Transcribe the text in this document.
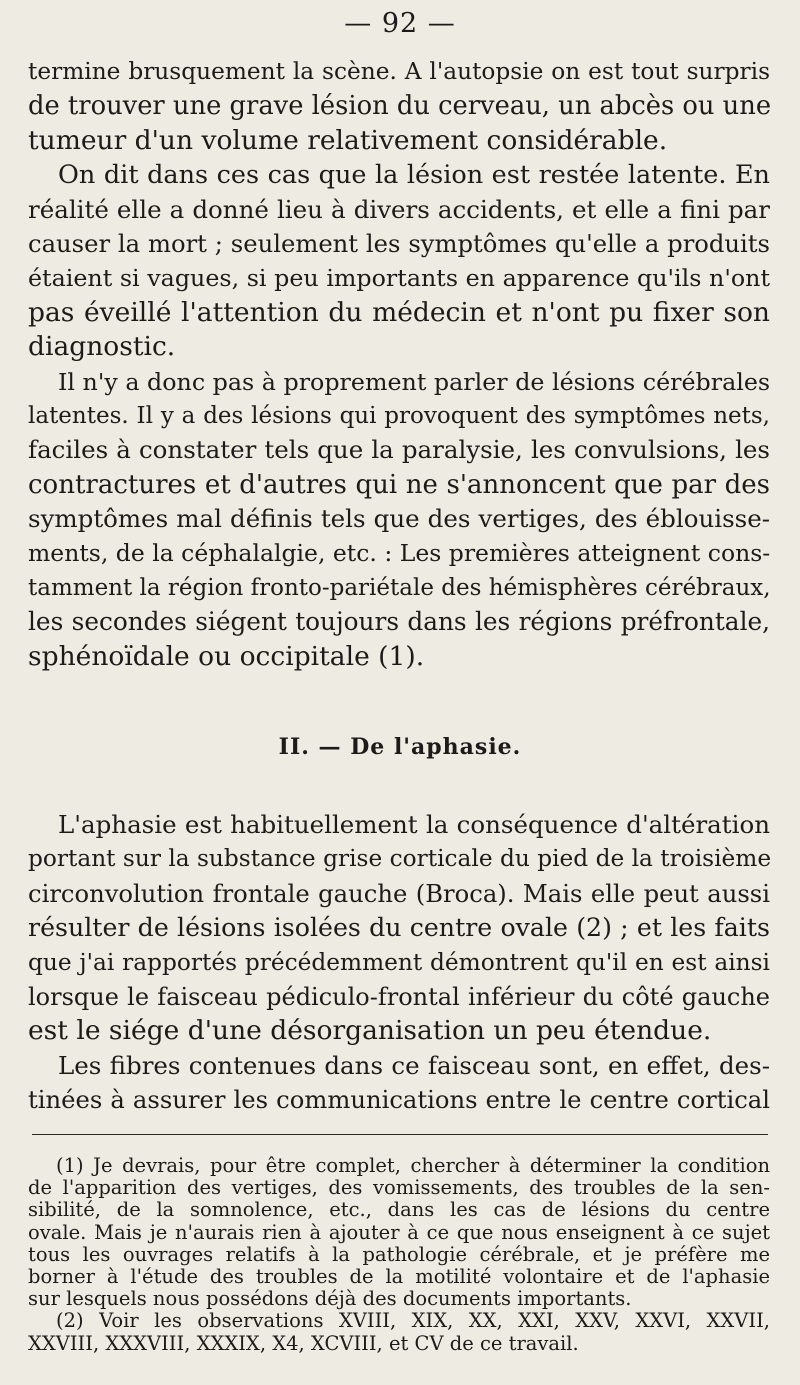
— 92 —
termine brusquement la scène. A l'autopsie on est tout surpris
de trouver une grave lésion du cerveau, un abcès ou une
tumeur d'un volume relativement considérable.
On dit dans ces cas que la lésion est restée latente. En
réalité elle a donné lieu à divers accidents, et elle a fini par
causer la mort ; seulement les symptômes qu'elle a produits
étaient si vagues, si peu importants en apparence qu'ils n'ont
pas éveillé l'attention du médecin et n'ont pu fixer son
diagnostic.
Il n'y a donc pas à proprement parler de lésions cérébrales
latentes. Il y a des lésions qui provoquent des symptômes nets,
faciles à constater tels que la paralysie, les convulsions, les
contractures et d'autres qui ne s'annoncent que par des
symptômes mal définis tels que des vertiges, des éblouisse-
ments, de la céphalalgie, etc. : Les premières atteignent cons-
tamment la région fronto-pariétale des hémisphères cérébraux,
les secondes siégent toujours dans les régions préfrontale,
sphénoïdale ou occipitale (1).
II. — De l'aphasie.
L'aphasie est habituellement la conséquence d'altération
portant sur la substance grise corticale du pied de la troisième
circonvolution frontale gauche (Broca). Mais elle peut aussi
résulter de lésions isolées du centre ovale (2) ; et les faits
que j'ai rapportés précédemment démontrent qu'il en est ainsi
lorsque le faisceau pédiculo-frontal inférieur du côté gauche
est le siége d'une désorganisation un peu étendue.
Les fibres contenues dans ce faisceau sont, en effet, des-
tinées à assurer les communications entre le centre cortical
(1) Je devrais, pour être complet, chercher à déterminer la condition
de l'apparition des vertiges, des vomissements, des troubles de la sen-
sibilité, de la somnolence, etc., dans les cas de lésions du centre
ovale. Mais je n'aurais rien à ajouter à ce que nous enseignent à ce sujet
tous les ouvrages relatifs à la pathologie cérébrale, et je préfère me
borner à l'étude des troubles de la motilité volontaire et de l'aphasie
sur lesquels nous possédons déjà des documents importants.
(2) Voir les observations XVIII, XIX, XX, XXI, XXV, XXVI, XXVII,
XXVIII, XXXVIII, XXXIX, X4, XCVIII, et CV de ce travail.
